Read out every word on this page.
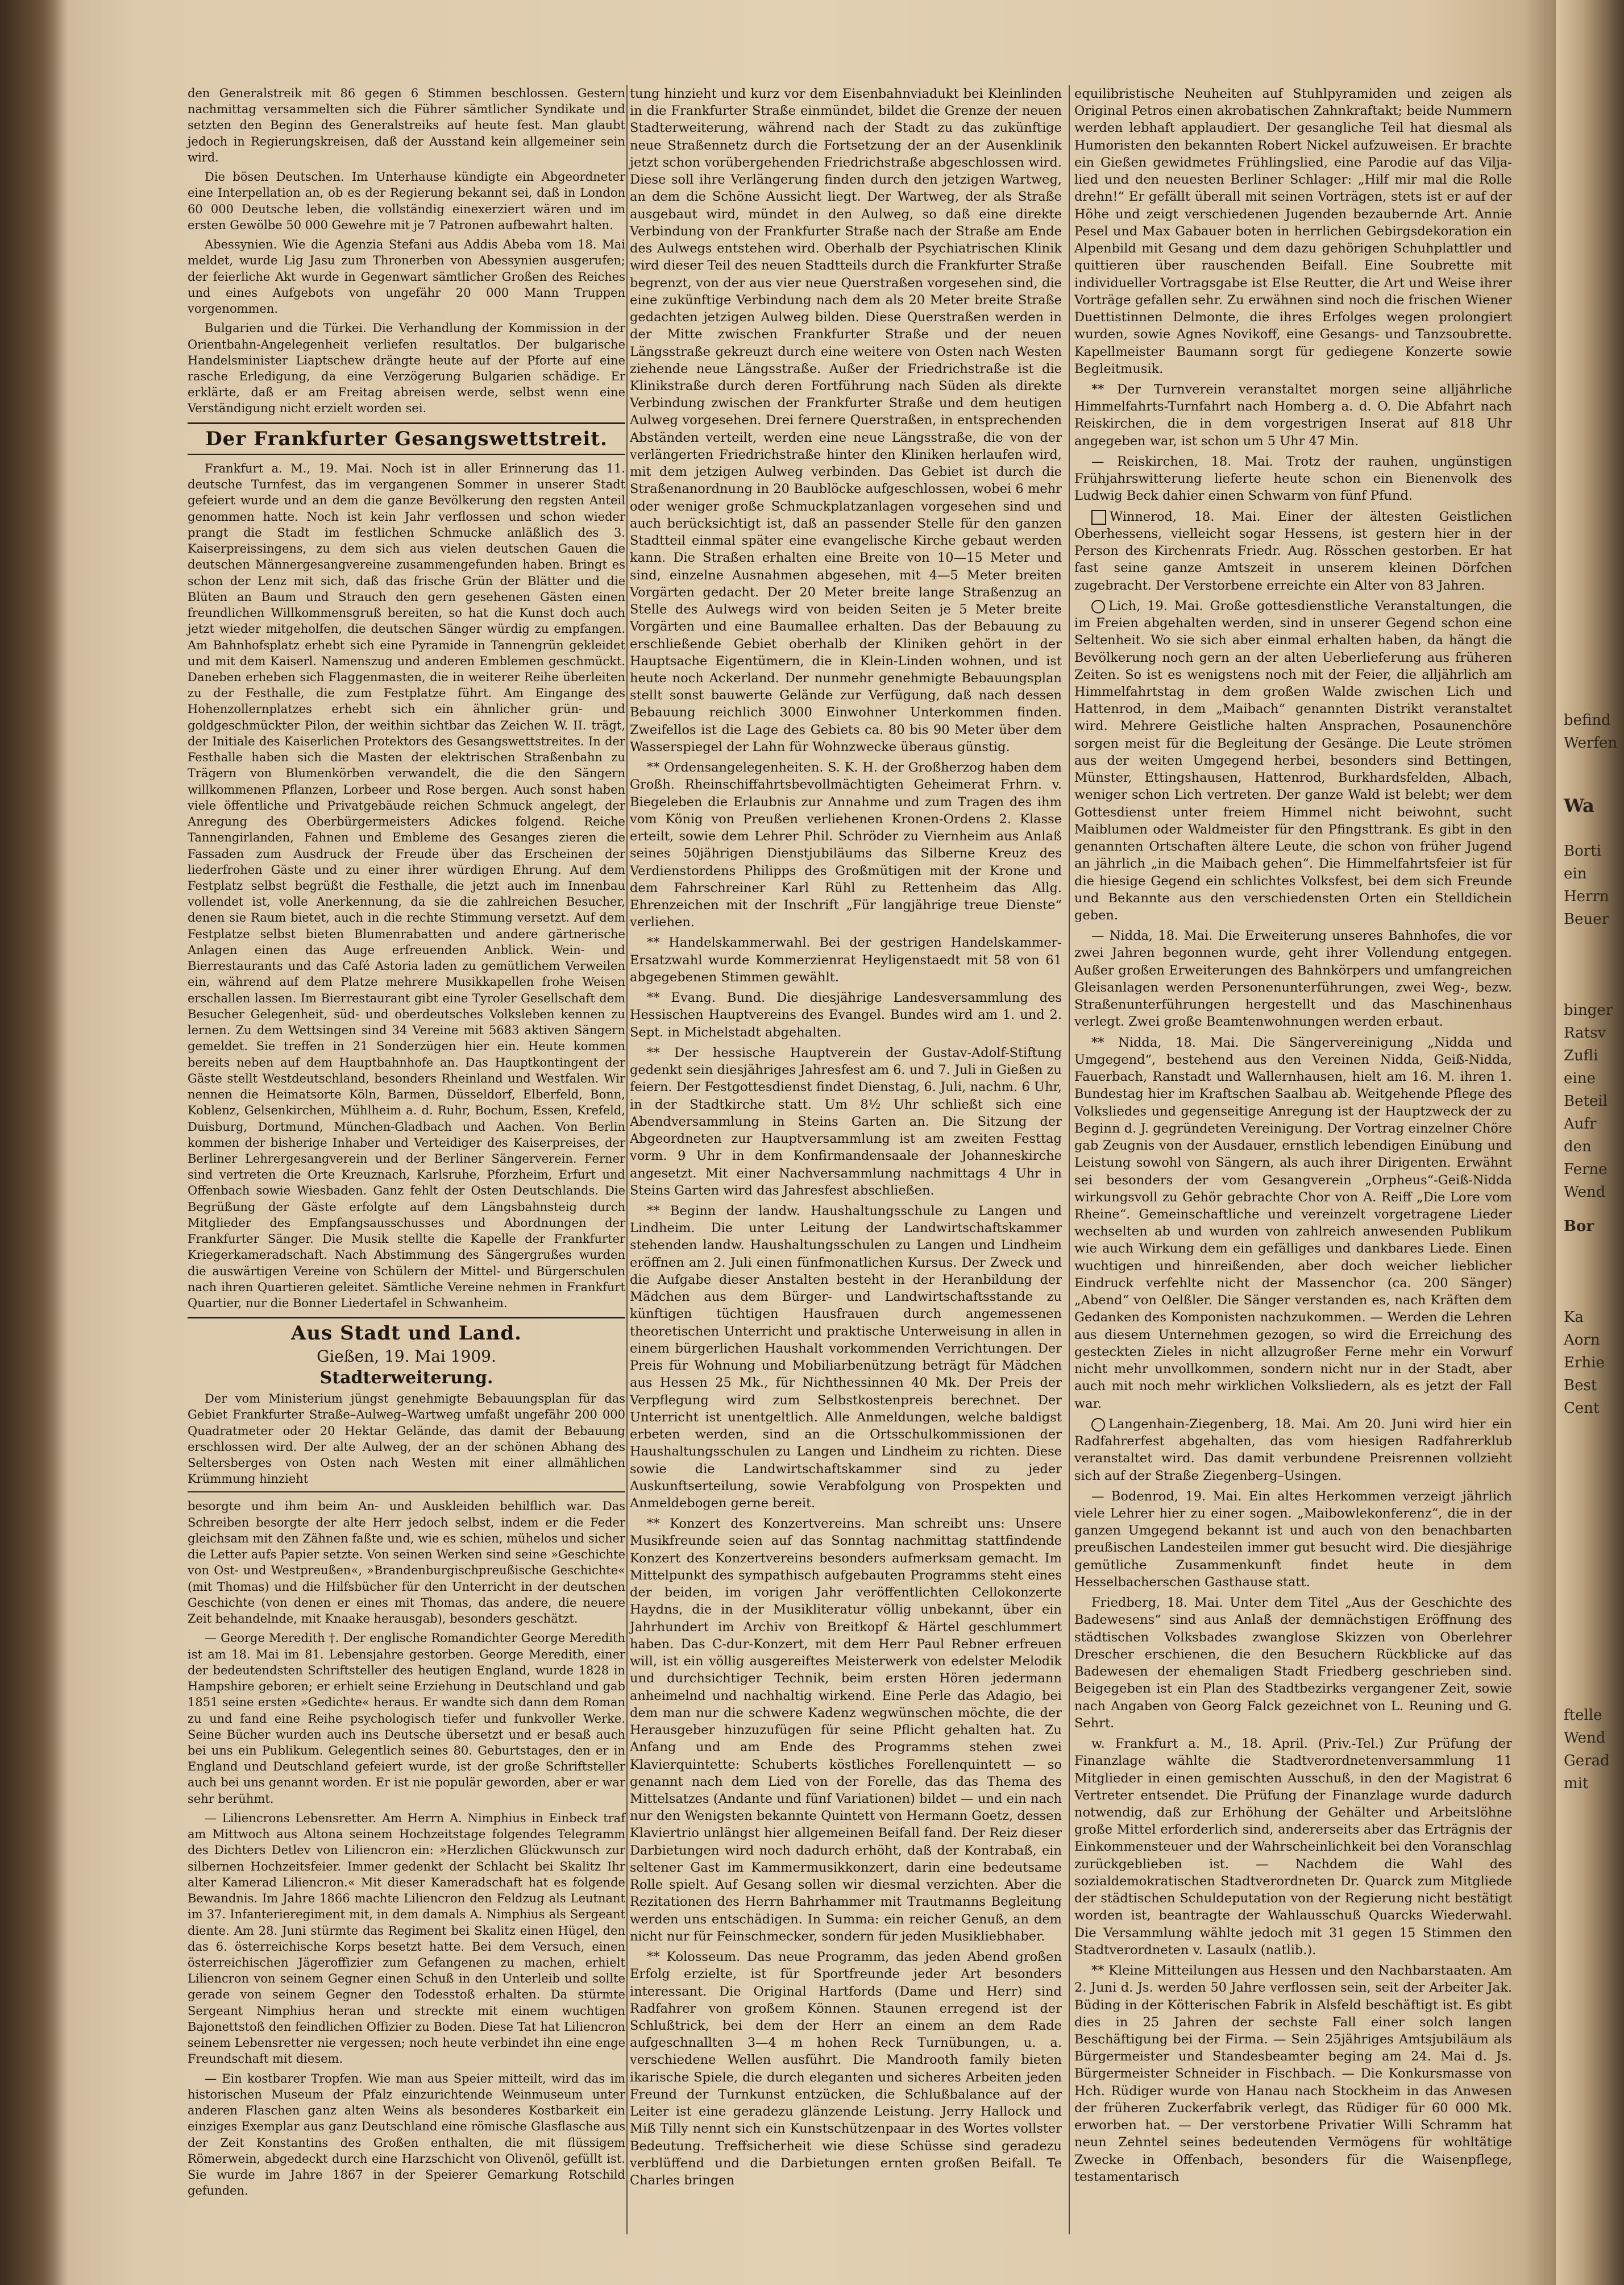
den Generalstreik mit 86 gegen 6 Stimmen beschlossen. Gestern nachmittag versammelten sich die Führer sämtlicher Syndikate und setzten den Beginn des Generalstreiks auf heute fest. Man glaubt jedoch in Regierungskreisen, daß der Ausstand kein allgemeiner sein wird.

Die bösen Deutschen. Im Unterhause kündigte ein Abgeordneter eine Interpellation an, ob es der Regierung bekannt sei, daß in London 60 000 Deutsche leben, die vollständig einexerziert wären und im ersten Gewölbe 50 000 Gewehre mit je 7 Patronen aufbewahrt halten.

Abessynien. Wie die Agenzia Stefani aus Addis Abeba vom 18. Mai meldet, wurde Lig Jasu zum Thronerben von Abessynien ausgerufen; der feierliche Akt wurde in Gegenwart sämtlicher Großen des Reiches und eines Aufgebots von ungefähr 20 000 Mann Truppen vorgenommen.

Bulgarien und die Türkei. Die Verhandlung der Kommission in der Orientbahn-Angelegenheit verliefen resultatlos. Der bulgarische Handelsminister Liaptschew drängte heute auf der Pforte auf eine rasche Erledigung, da eine Verzögerung Bulgarien schädige. Er erklärte, daß er am Freitag abreisen werde, selbst wenn eine Verständigung nicht erzielt worden sei.

Der Frankfurter Gesangswettstreit.

Frankfurt a. M., 19. Mai. Noch ist in aller Erinnerung das 11. deutsche Turnfest, das im vergangenen Sommer in unserer Stadt gefeiert wurde und an dem die ganze Bevölkerung den regsten Anteil genommen hatte. Noch ist kein Jahr verflossen und schon wieder prangt die Stadt im festlichen Schmucke anläßlich des 3. Kaiserpreissingens, zu dem sich aus vielen deutschen Gauen die deutschen Männergesangvereine zusammengefunden haben. Bringt es schon der Lenz mit sich, daß das frische Grün der Blätter und die Blüten an Baum und Strauch den gern gesehenen Gästen einen freundlichen Willkommensgruß bereiten, so hat die Kunst doch auch jetzt wieder mitgeholfen, die deutschen Sänger würdig zu empfangen. Am Bahnhofsplatz erhebt sich eine Pyramide in Tannengrün gekleidet und mit dem Kaiserl. Namenszug und anderen Emblemen geschmückt. Daneben erheben sich Flaggenmasten, die in weiterer Reihe überleiten zu der Festhalle, die zum Festplatze führt. Am Eingange des Hohenzollernplatzes erhebt sich ein ähnlicher grün- und goldgeschmückter Pilon, der weithin sichtbar das Zeichen W. II. trägt, der Initiale des Kaiserlichen Protektors des Gesangswettstreites. In der Festhalle haben sich die Masten der elektrischen Straßenbahn zu Trägern von Blumenkörben verwandelt, die die den Sängern willkommenen Pflanzen, Lorbeer und Rose bergen. Auch sonst haben viele öffentliche und Privatgebäude reichen Schmuck angelegt, der Anregung des Oberbürgermeisters Adickes folgend. Reiche Tannengirlanden, Fahnen und Embleme des Gesanges zieren die Fassaden zum Ausdruck der Freude über das Erscheinen der liederfrohen Gäste und zu einer ihrer würdigen Ehrung. Auf dem Festplatz selbst begrüßt die Festhalle, die jetzt auch im Innenbau vollendet ist, volle Anerkennung, da sie die zahlreichen Besucher, denen sie Raum bietet, auch in die rechte Stimmung versetzt. Auf dem Festplatze selbst bieten Blumenrabatten und andere gärtnerische Anlagen einen das Auge erfreuenden Anblick. Wein- und Bierrestaurants und das Café Astoria laden zu gemütlichem Verweilen ein, während auf dem Platze mehrere Musikkapellen frohe Weisen erschallen lassen. Im Bierrestaurant gibt eine Tyroler Gesellschaft dem Besucher Gelegenheit, süd- und oberdeutsches Volksleben kennen zu lernen. Zu dem Wettsingen sind 34 Vereine mit 5683 aktiven Sängern gemeldet. Sie treffen in 21 Sonderzügen hier ein. Heute kommen bereits neben auf dem Hauptbahnhofe an. Das Hauptkontingent der Gäste stellt Westdeutschland, besonders Rheinland und Westfalen. Wir nennen die Heimatsorte Köln, Barmen, Düsseldorf, Elberfeld, Bonn, Koblenz, Gelsenkirchen, Mühlheim a. d. Ruhr, Bochum, Essen, Krefeld, Duisburg, Dortmund, München-Gladbach und Aachen. Von Berlin kommen der bisherige Inhaber und Verteidiger des Kaiserpreises, der Berliner Lehrergesangverein und der Berliner Sängerverein. Ferner sind vertreten die Orte Kreuznach, Karlsruhe, Pforzheim, Erfurt und Offenbach sowie Wiesbaden. Ganz fehlt der Osten Deutschlands. Die Begrüßung der Gäste erfolgte auf dem Längsbahnsteig durch Mitglieder des Empfangsausschusses und Abordnungen der Frankfurter Sänger. Die Musik stellte die Kapelle der Frankfurter Kriegerkameradschaft. Nach Abstimmung des Sängergrußes wurden die auswärtigen Vereine von Schülern der Mittel- und Bürgerschulen nach ihren Quartieren geleitet. Sämtliche Vereine nehmen in Frankfurt Quartier, nur die Bonner Liedertafel in Schwanheim.

Aus Stadt und Land.
Gießen, 19. Mai 1909.
Stadterweiterung.

Der vom Ministerium jüngst genehmigte Bebauungsplan für das Gebiet Frankfurter Straße–Aulweg–Wartweg umfaßt ungefähr 200 000 Quadratmeter oder 20 Hektar Gelände, das damit der Bebauung erschlossen wird. Der alte Aulweg, der an der schönen Abhang des Seltersberges von Osten nach Westen mit einer allmählichen Krümmung hinzieht

besorgte und ihm beim An- und Auskleiden behilflich war. Das Schreiben besorgte der alte Herr jedoch selbst, indem er die Feder gleichsam mit den Zähnen faßte und, wie es schien, mühelos und sicher die Letter aufs Papier setzte. Von seinen Werken sind seine »Geschichte von Ost- und Westpreußen«, »Brandenburgischpreußische Geschichte« (mit Thomas) und die Hilfsbücher für den Unterricht in der deutschen Geschichte (von denen er eines mit Thomas, das andere, die neuere Zeit behandelnde, mit Knaake herausgab), besonders geschätzt.

— George Meredith †. Der englische Romandichter George Meredith ist am 18. Mai im 81. Lebensjahre gestorben. George Meredith, einer der bedeutendsten Schriftsteller des heutigen England, wurde 1828 in Hampshire geboren; er erhielt seine Erziehung in Deutschland und gab 1851 seine ersten »Gedichte« heraus. Er wandte sich dann dem Roman zu und fand eine Reihe psychologisch tiefer und funkvoller Werke. Seine Bücher wurden auch ins Deutsche übersetzt und er besaß auch bei uns ein Publikum. Gelegentlich seines 80. Geburtstages, den er in England und Deutschland gefeiert wurde, ist der große Schriftsteller auch bei uns genannt worden. Er ist nie populär geworden, aber er war sehr berühmt.

— Liliencrons Lebensretter. Am Herrn A. Nimphius in Einbeck traf am Mittwoch aus Altona seinem Hochzeitstage folgendes Telegramm des Dichters Detlev von Liliencron ein: »Herzlichen Glückwunsch zur silbernen Hochzeitsfeier. Immer gedenkt der Schlacht bei Skalitz Ihr alter Kamerad Liliencron.« Mit dieser Kameradschaft hat es folgende Bewandnis. Im Jahre 1866 machte Liliencron den Feldzug als Leutnant im 37. Infanterieregiment mit, in dem damals A. Nimphius als Sergeant diente. Am 28. Juni stürmte das Regiment bei Skalitz einen Hügel, den das 6. österreichische Korps besetzt hatte. Bei dem Versuch, einen österreichischen Jägeroffizier zum Gefangenen zu machen, erhielt Liliencron von seinem Gegner einen Schuß in den Unterleib und sollte gerade von seinem Gegner den Todesstoß erhalten. Da stürmte Sergeant Nimphius heran und streckte mit einem wuchtigen Bajonettstoß den feindlichen Offizier zu Boden. Diese Tat hat Liliencron seinem Lebensretter nie vergessen; noch heute verbindet ihn eine enge Freundschaft mit diesem.

— Ein kostbarer Tropfen. Wie man aus Speier mitteilt, wird das im historischen Museum der Pfalz einzurichtende Weinmuseum unter anderen Flaschen ganz alten Weins als besonderes Kostbarkeit ein einziges Exemplar aus ganz Deutschland eine römische Glasflasche aus der Zeit Konstantins des Großen enthalten, die mit flüssigem Römerwein, abgedeckt durch eine Harzschicht von Olivenöl, gefüllt ist. Sie wurde im Jahre 1867 in der Speierer Gemarkung Rotschild gefunden.

tung hinzieht und kurz vor dem Eisenbahnviadukt bei Kleinlinden in die Frankfurter Straße einmündet, bildet die Grenze der neuen Stadterweiterung, während nach der Stadt zu das zukünftige neue Straßennetz durch die Fortsetzung der an der Ausenklinik jetzt schon vorübergehenden Friedrichstraße abgeschlossen wird. Diese soll ihre Verlängerung finden durch den jetzigen Wartweg, an dem die Schöne Aussicht liegt. Der Wartweg, der als Straße ausgebaut wird, mündet in den Aulweg, so daß eine direkte Verbindung von der Frankfurter Straße nach der Straße am Ende des Aulwegs entstehen wird. Oberhalb der Psychiatrischen Klinik wird dieser Teil des neuen Stadtteils durch die Frankfurter Straße begrenzt, von der aus vier neue Querstraßen vorgesehen sind, die eine zukünftige Verbindung nach dem als 20 Meter breite Straße gedachten jetzigen Aulweg bilden. Diese Querstraßen werden in der Mitte zwischen Frankfurter Straße und der neuen Längsstraße gekreuzt durch eine weitere von Osten nach Westen ziehende neue Längsstraße. Außer der Friedrichstraße ist die Klinikstraße durch deren Fortführung nach Süden als direkte Verbindung zwischen der Frankfurter Straße und dem heutigen Aulweg vorgesehen. Drei fernere Querstraßen, in entsprechenden Abständen verteilt, werden eine neue Längsstraße, die von der verlängerten Friedrichstraße hinter den Kliniken herlaufen wird, mit dem jetzigen Aulweg verbinden. Das Gebiet ist durch die Straßenanordnung in 20 Baublöcke aufgeschlossen, wobei 6 mehr oder weniger große Schmuckplatzanlagen vorgesehen sind und auch berücksichtigt ist, daß an passender Stelle für den ganzen Stadtteil einmal später eine evangelische Kirche gebaut werden kann. Die Straßen erhalten eine Breite von 10—15 Meter und sind, einzelne Ausnahmen abgesehen, mit 4—5 Meter breiten Vorgärten gedacht. Der 20 Meter breite lange Straßenzug an Stelle des Aulwegs wird von beiden Seiten je 5 Meter breite Vorgärten und eine Baumallee erhalten. Das der Bebauung zu erschließende Gebiet oberhalb der Kliniken gehört in der Hauptsache Eigentümern, die in Klein-Linden wohnen, und ist heute noch Ackerland. Der nunmehr genehmigte Bebauungsplan stellt sonst bauwerte Gelände zur Verfügung, daß nach dessen Bebauung reichlich 3000 Einwohner Unterkommen finden. Zweifellos ist die Lage des Gebiets ca. 80 bis 90 Meter über dem Wasserspiegel der Lahn für Wohnzwecke überaus günstig.

** Ordensangelegenheiten. S. K. H. der Großherzog haben dem Großh. Rheinschiffahrtsbevollmächtigten Geheimerat Frhrn. v. Biegeleben die Erlaubnis zur Annahme und zum Tragen des ihm vom König von Preußen verliehenen Kronen-Ordens 2. Klasse erteilt, sowie dem Lehrer Phil. Schröder zu Viernheim aus Anlaß seines 50jährigen Dienstjubiläums das Silberne Kreuz des Verdienstordens Philipps des Großmütigen mit der Krone und dem Fahrschreiner Karl Rühl zu Rettenheim das Allg. Ehrenzeichen mit der Inschrift „Für langjährige treue Dienste“ verliehen.

** Handelskammerwahl. Bei der gestrigen Handelskammer-Ersatzwahl wurde Kommerzienrat Heyligenstaedt mit 58 von 61 abgegebenen Stimmen gewählt.

** Evang. Bund. Die diesjährige Landesversammlung des Hessischen Hauptvereins des Evangel. Bundes wird am 1. und 2. Sept. in Michelstadt abgehalten.

** Der hessische Hauptverein der Gustav-Adolf-Stiftung gedenkt sein diesjähriges Jahresfest am 6. und 7. Juli in Gießen zu feiern. Der Festgottesdienst findet Dienstag, 6. Juli, nachm. 6 Uhr, in der Stadtkirche statt. Um 8½ Uhr schließt sich eine Abendversammlung in Steins Garten an. Die Sitzung der Abgeordneten zur Hauptversammlung ist am zweiten Festtag vorm. 9 Uhr in dem Konfirmandensaale der Johanneskirche angesetzt. Mit einer Nachversammlung nachmittags 4 Uhr in Steins Garten wird das Jahresfest abschließen.

** Beginn der landw. Haushaltungsschule zu Langen und Lindheim. Die unter Leitung der Landwirtschaftskammer stehenden landw. Haushaltungsschulen zu Langen und Lindheim eröffnen am 2. Juli einen fünfmonatlichen Kursus. Der Zweck und die Aufgabe dieser Anstalten besteht in der Heranbildung der Mädchen aus dem Bürger- und Landwirtschaftsstande zu künftigen tüchtigen Hausfrauen durch angemessenen theoretischen Unterricht und praktische Unterweisung in allen in einem bürgerlichen Haushalt vorkommenden Verrichtungen. Der Preis für Wohnung und Mobiliarbenützung beträgt für Mädchen aus Hessen 25 Mk., für Nichthessinnen 40 Mk. Der Preis der Verpflegung wird zum Selbstkostenpreis berechnet. Der Unterricht ist unentgeltlich. Alle Anmeldungen, welche baldigst erbeten werden, sind an die Ortsschulkommissionen der Haushaltungsschulen zu Langen und Lindheim zu richten. Diese sowie die Landwirtschaftskammer sind zu jeder Auskunftserteilung, sowie Verabfolgung von Prospekten und Anmeldebogen gerne bereit.

** Konzert des Konzertvereins. Man schreibt uns: Unsere Musikfreunde seien auf das Sonntag nachmittag stattfindende Konzert des Konzertvereins besonders aufmerksam gemacht. Im Mittelpunkt des sympathisch aufgebauten Programms steht eines der beiden, im vorigen Jahr veröffentlichten Cellokonzerte Haydns, die in der Musikliteratur völlig unbekannt, über ein Jahrhundert im Archiv von Breitkopf & Härtel geschlummert haben. Das C-dur-Konzert, mit dem Herr Paul Rebner erfreuen will, ist ein völlig ausgereiftes Meisterwerk von edelster Melodik und durchsichtiger Technik, beim ersten Hören jedermann anheimelnd und nachhaltig wirkend. Eine Perle das Adagio, bei dem man nur die schwere Kadenz wegwünschen möchte, die der Herausgeber hinzuzufügen für seine Pflicht gehalten hat. Zu Anfang und am Ende des Programms stehen zwei Klavierquintette: Schuberts köstliches Forellenquintett — so genannt nach dem Lied von der Forelle, das das Thema des Mittelsatzes (Andante und fünf Variationen) bildet — und ein nach nur den Wenigsten bekannte Quintett von Hermann Goetz, dessen Klaviertrio unlängst hier allgemeinen Beifall fand. Der Reiz dieser Darbietungen wird noch dadurch erhöht, daß der Kontrabaß, ein seltener Gast im Kammermusikkonzert, darin eine bedeutsame Rolle spielt. Auf Gesang sollen wir diesmal verzichten. Aber die Rezitationen des Herrn Bahrhammer mit Trautmanns Begleitung werden uns entschädigen. In Summa: ein reicher Genuß, an dem nicht nur für Feinschmecker, sondern für jeden Musikliebhaber.

** Kolosseum. Das neue Programm, das jeden Abend großen Erfolg erzielte, ist für Sportfreunde jeder Art besonders interessant. Die Original Hartfords (Dame und Herr) sind Radfahrer von großem Können. Staunen erregend ist der Schlußtrick, bei dem der Herr an einem an dem Rade aufgeschnallten 3—4 m hohen Reck Turnübungen, u. a. verschiedene Wellen ausführt. Die Mandrooth family bieten ikarische Spiele, die durch eleganten und sicheres Arbeiten jeden Freund der Turnkunst entzücken, die Schlußbalance auf der Leiter ist eine geradezu glänzende Leistung. Jerry Hallock und Miß Tilly nennt sich ein Kunstschützenpaar in des Wortes vollster Bedeutung. Treffsicherheit wie diese Schüsse sind geradezu verblüffend und die Darbietungen ernten großen Beifall. Te Charles bringen

equilibristische Neuheiten auf Stuhlpyramiden und zeigen als Original Petros einen akrobatischen Zahnkraftakt; beide Nummern werden lebhaft applaudiert. Der gesangliche Teil hat diesmal als Humoristen den bekannten Robert Nickel aufzuweisen. Er brachte ein Gießen gewidmetes Frühlingslied, eine Parodie auf das Vilja-lied und den neuesten Berliner Schlager: „Hilf mir mal die Rolle drehn!“ Er gefällt überall mit seinen Vorträgen, stets ist er auf der Höhe und zeigt verschiedenen Jugenden bezaubernde Art. Annie Pesel und Max Gabauer boten in herrlichen Gebirgsdekoration ein Alpenbild mit Gesang und dem dazu gehörigen Schuhplattler und quittieren über rauschenden Beifall. Eine Soubrette mit individueller Vortragsgabe ist Else Reutter, die Art und Weise ihrer Vorträge gefallen sehr. Zu erwähnen sind noch die frischen Wiener Duettistinnen Delmonte, die ihres Erfolges wegen prolongiert wurden, sowie Agnes Novikoff, eine Gesangs- und Tanzsoubrette. Kapellmeister Baumann sorgt für gediegene Konzerte sowie Begleitmusik.

** Der Turnverein veranstaltet morgen seine alljährliche Himmelfahrts-Turnfahrt nach Homberg a. d. O. Die Abfahrt nach Reiskirchen, die in dem vorgestrigen Inserat auf 818 Uhr angegeben war, ist schon um 5 Uhr 47 Min.

— Reiskirchen, 18. Mai. Trotz der rauhen, ungünstigen Frühjahrswitterung lieferte heute schon ein Bienenvolk des Ludwig Beck dahier einen Schwarm von fünf Pfund.

Winnerod, 18. Mai. Einer der ältesten Geistlichen Oberhessens, vielleicht sogar Hessens, ist gestern hier in der Person des Kirchenrats Friedr. Aug. Rösschen gestorben. Er hat fast seine ganze Amtszeit in unserem kleinen Dörfchen zugebracht. Der Verstorbene erreichte ein Alter von 83 Jahren.

Lich, 19. Mai. Große gottesdienstliche Veranstaltungen, die im Freien abgehalten werden, sind in unserer Gegend schon eine Seltenheit. Wo sie sich aber einmal erhalten haben, da hängt die Bevölkerung noch gern an der alten Ueberlieferung aus früheren Zeiten. So ist es wenigstens noch mit der Feier, die alljährlich am Himmelfahrtstag in dem großen Walde zwischen Lich und Hattenrod, in dem „Maibach“ genannten Distrikt veranstaltet wird. Mehrere Geistliche halten Ansprachen, Posaunenchöre sorgen meist für die Begleitung der Gesänge. Die Leute strömen aus der weiten Umgegend herbei, besonders sind Bettingen, Münster, Ettingshausen, Hattenrod, Burkhardsfelden, Albach, weniger schon Lich vertreten. Der ganze Wald ist belebt; wer dem Gottesdienst unter freiem Himmel nicht beiwohnt, sucht Maiblumen oder Waldmeister für den Pfingsttrank. Es gibt in den genannten Ortschaften ältere Leute, die schon von früher Jugend an jährlich „in die Maibach gehen“. Die Himmelfahrtsfeier ist für die hiesige Gegend ein schlichtes Volksfest, bei dem sich Freunde und Bekannte aus den verschiedensten Orten ein Stelldichein geben.

— Nidda, 18. Mai. Die Erweiterung unseres Bahnhofes, die vor zwei Jahren begonnen wurde, geht ihrer Vollendung entgegen. Außer großen Erweiterungen des Bahnkörpers und umfangreichen Gleisanlagen werden Personenunterführungen, zwei Weg-, bezw. Straßenunterführungen hergestellt und das Maschinenhaus verlegt. Zwei große Beamtenwohnungen werden erbaut.

** Nidda, 18. Mai. Die Sängervereinigung „Nidda und Umgegend“, bestehend aus den Vereinen Nidda, Geiß-Nidda, Fauerbach, Ranstadt und Wallernhausen, hielt am 16. M. ihren 1. Bundestag hier im Kraftschen Saalbau ab. Weitgehende Pflege des Volksliedes und gegenseitige Anregung ist der Hauptzweck der zu Beginn d. J. gegründeten Vereinigung. Der Vortrag einzelner Chöre gab Zeugnis von der Ausdauer, ernstlich lebendigen Einübung und Leistung sowohl von Sängern, als auch ihrer Dirigenten. Erwähnt sei besonders der vom Gesangverein „Orpheus“-Geiß-Nidda wirkungsvoll zu Gehör gebrachte Chor von A. Reiff „Die Lore vom Rheine“. Gemeinschaftliche und vereinzelt vorgetragene Lieder wechselten ab und wurden von zahlreich anwesenden Publikum wie auch Wirkung dem ein gefälliges und dankbares Liede. Einen wuchtigen und hinreißenden, aber doch weicher lieblicher Eindruck verfehlte nicht der Massenchor (ca. 200 Sänger) „Abend“ von Oelßler. Die Sänger verstanden es, nach Kräften dem Gedanken des Komponisten nachzukommen. — Werden die Lehren aus diesem Unternehmen gezogen, so wird die Erreichung des gesteckten Zieles in nicht allzugroßer Ferne mehr ein Vorwurf nicht mehr unvollkommen, sondern nicht nur in der Stadt, aber auch mit noch mehr wirklichen Volksliedern, als es jetzt der Fall war.

Langenhain-Ziegenberg, 18. Mai. Am 20. Juni wird hier ein Radfahrerfest abgehalten, das vom hiesigen Radfahrerklub veranstaltet wird. Das damit verbundene Preisrennen vollzieht sich auf der Straße Ziegenberg–Usingen.

— Bodenrod, 19. Mai. Ein altes Herkommen verzeigt jährlich viele Lehrer hier zu einer sogen. „Maibowlekonferenz“, die in der ganzen Umgegend bekannt ist und auch von den benachbarten preußischen Landesteilen immer gut besucht wird. Die diesjährige gemütliche Zusammenkunft findet heute in dem Hesselbacherschen Gasthause statt.

Friedberg, 18. Mai. Unter dem Titel „Aus der Geschichte des Badewesens“ sind aus Anlaß der demnächstigen Eröffnung des städtischen Volksbades zwanglose Skizzen von Oberlehrer Drescher erschienen, die den Besuchern Rückblicke auf das Badewesen der ehemaligen Stadt Friedberg geschrieben sind. Beigegeben ist ein Plan des Stadtbezirks vergangener Zeit, sowie nach Angaben von Georg Falck gezeichnet von L. Reuning und G. Sehrt.

w. Frankfurt a. M., 18. April. (Priv.-Tel.) Zur Prüfung der Finanzlage wählte die Stadtverordnetenversammlung 11 Mitglieder in einen gemischten Ausschuß, in den der Magistrat 6 Vertreter entsendet. Die Prüfung der Finanzlage wurde dadurch notwendig, daß zur Erhöhung der Gehälter und Arbeitslöhne große Mittel erforderlich sind, andererseits aber das Erträgnis der Einkommensteuer und der Wahrscheinlichkeit bei den Voranschlag zurückgeblieben ist. — Nachdem die Wahl des sozialdemokratischen Stadtverordneten Dr. Quarck zum Mitgliede der städtischen Schuldeputation von der Regierung nicht bestätigt worden ist, beantragte der Wahlausschuß Quarcks Wiederwahl. Die Versammlung wählte jedoch mit 31 gegen 15 Stimmen den Stadtverordneten v. Lasaulx (natlib.).

** Kleine Mitteilungen aus Hessen und den Nachbarstaaten. Am 2. Juni d. Js. werden 50 Jahre verflossen sein, seit der Arbeiter Jak. Büding in der Kötterischen Fabrik in Alsfeld beschäftigt ist. Es gibt dies in 25 Jahren der sechste Fall einer solch langen Beschäftigung bei der Firma. — Sein 25jähriges Amtsjubiläum als Bürgermeister und Standesbeamter beging am 24. Mai d. Js. Bürgermeister Schneider in Fischbach. — Die Konkursmasse von Hch. Rüdiger wurde von Hanau nach Stockheim in das Anwesen der früheren Zuckerfabrik verlegt, das Rüdiger für 60 000 Mk. erworben hat. — Der verstorbene Privatier Willi Schramm hat neun Zehntel seines bedeutenden Vermögens für wohltätige Zwecke in Offenbach, besonders für die Waisenpflege, testamentarisch

befind
Werfen
Wa
Borti
ein
Herrn
Beuer
binger
Ratsv
Zufli
eine
Beteil
Aufr
den
Ferne
Wend
Bor
Ka
Aorn
Erhie
Best
Cent
ftelle
Wend
Gerad
mit
